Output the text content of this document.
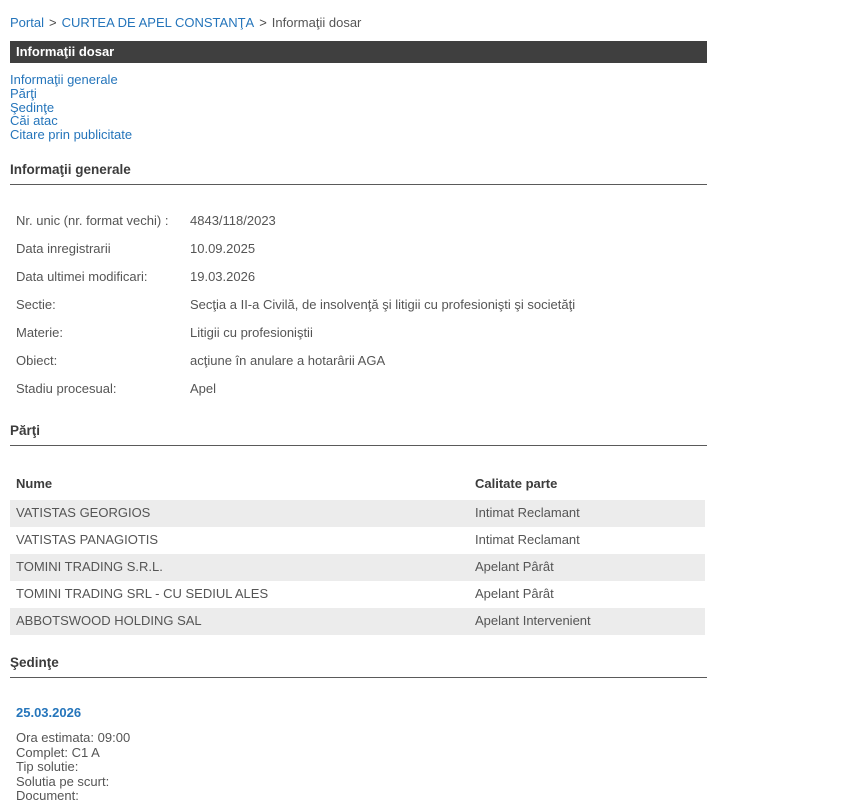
Portal > CURTEA DE APEL CONSTANŢA > Informaţii dosar
Informaţii dosar
Informaţii generale
Părţi
Şedinţe
Căi atac
Citare prin publicitate
Informaţii generale
Nr. unic (nr. format vechi) :	4843/118/2023
Data inregistrarii	10.09.2025
Data ultimei modificari:	19.03.2026
Sectie:	Secţia a II-a Civilă, de insolvenţă şi litigii cu profesionişti şi societăţi
Materie:	Litigii cu profesioniştii
Obiect:	acţiune în anulare a hotarârii AGA
Stadiu procesual:	Apel
Părţi
Nume	Calitate parte
VATISTAS GEORGIOS	Intimat Reclamant
VATISTAS PANAGIOTIS	Intimat Reclamant
TOMINI TRADING S.R.L.	Apelant Pârât
TOMINI TRADING SRL - CU SEDIUL ALES	Apelant Pârât
ABBOTSWOOD HOLDING SAL	Apelant Intervenient
Şedinţe
25.03.2026
Ora estimata: 09:00
Complet: C1 A
Tip solutie:
Solutia pe scurt:
Document:
